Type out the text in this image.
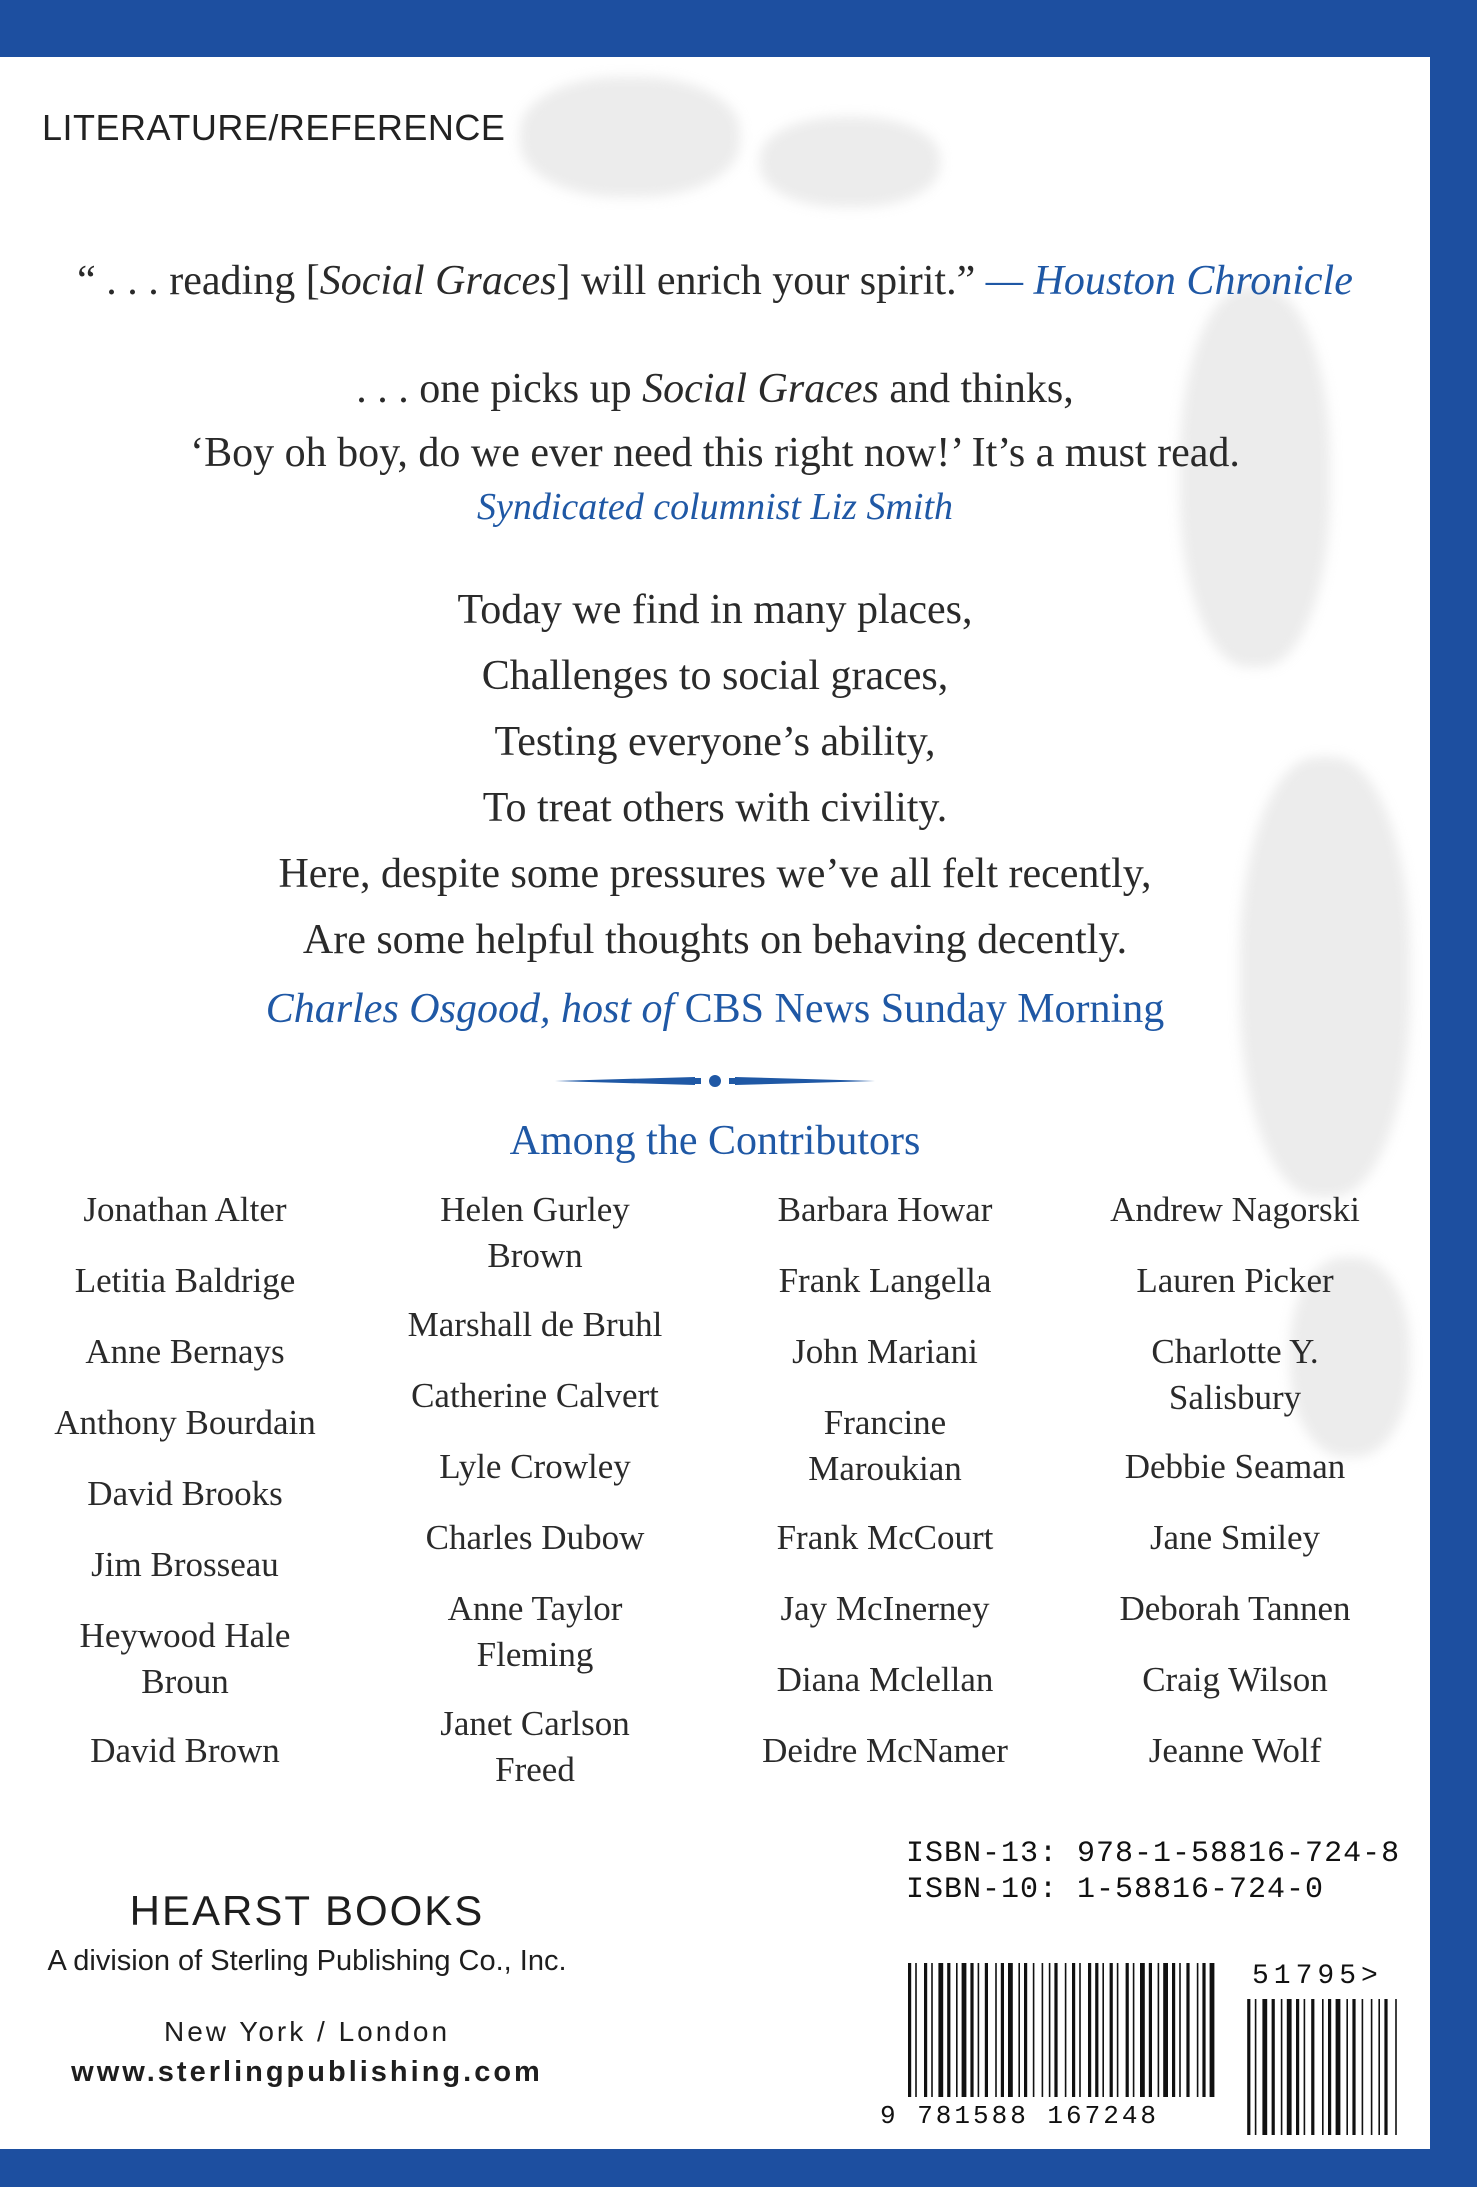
LITERATURE/REFERENCE
“ . . . reading [Social Graces] will enrich your spirit.” — Houston Chronicle
. . . one picks up Social Graces and thinks,
‘Boy oh boy, do we ever need this right now!’ It’s a must read.
Syndicated columnist Liz Smith
Today we find in many places,
Challenges to social graces,
Testing everyone’s ability,
To treat others with civility.
Here, despite some pressures we’ve all felt recently,
Are some helpful thoughts on behaving decently.
Charles Osgood, host of CBS News Sunday Morning
Among the Contributors
Jonathan Alter
Letitia Baldrige
Anne Bernays
Anthony Bourdain
David Brooks
Jim Brosseau
Heywood Hale Broun
David Brown
Helen Gurley Brown
Marshall de Bruhl
Catherine Calvert
Lyle Crowley
Charles Dubow
Anne Taylor Fleming
Janet Carlson Freed
Barbara Howar
Frank Langella
John Mariani
Francine Maroukian
Frank McCourt
Jay McInerney
Diana Mclellan
Deidre McNamer
Andrew Nagorski
Lauren Picker
Charlotte Y. Salisbury
Debbie Seaman
Jane Smiley
Deborah Tannen
Craig Wilson
Jeanne Wolf
HEARST BOOKS
A division of Sterling Publishing Co., Inc.
New York / London
www.sterlingpublishing.com
ISBN-13: 978-1-58816-724-8
ISBN-10: 1-58816-724-0
51795>
9 781588 167248
